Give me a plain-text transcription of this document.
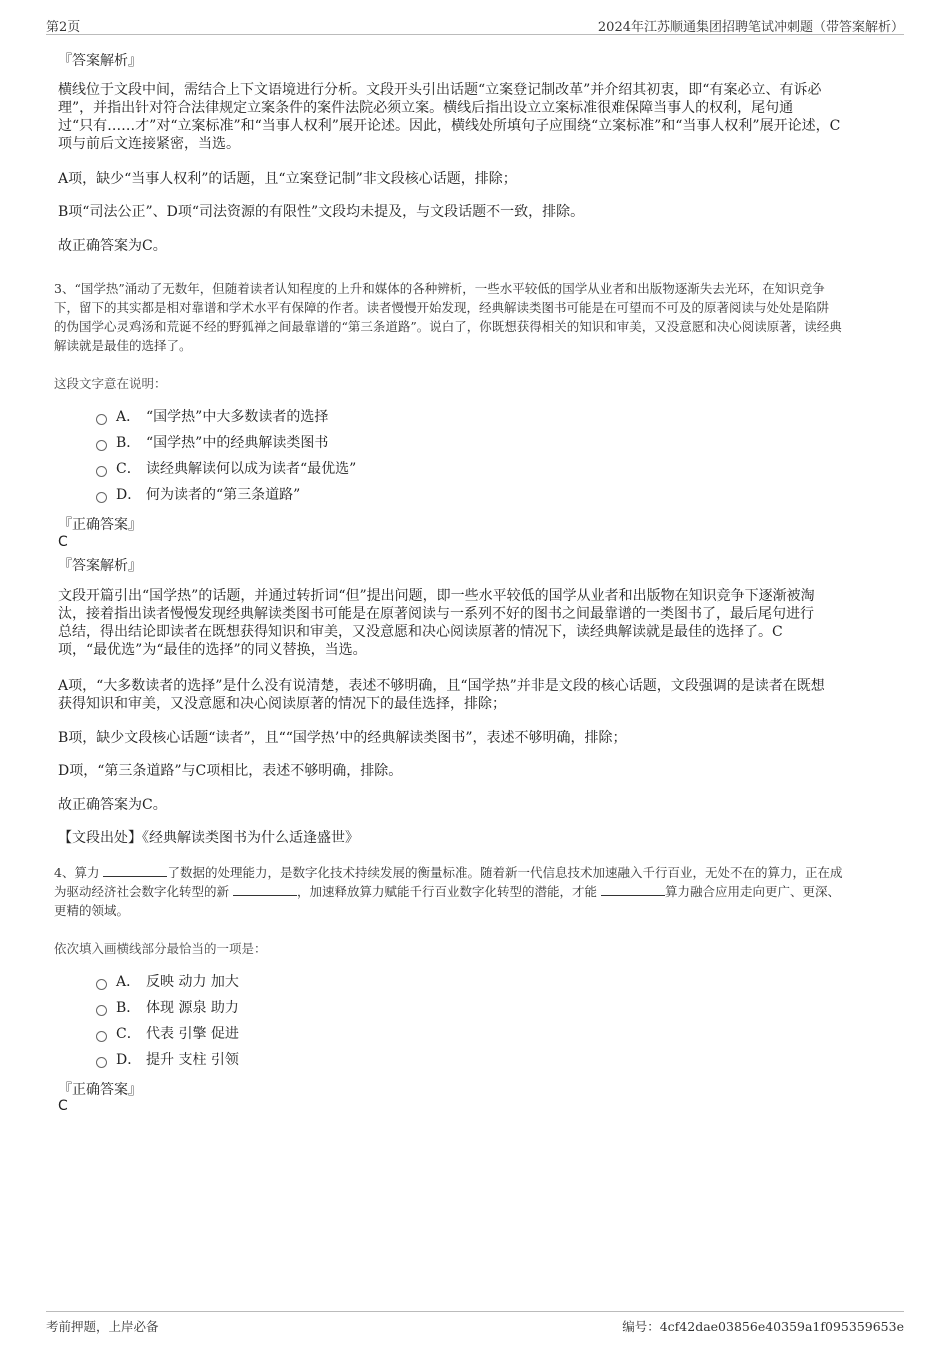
第2页	2024年江苏顺通集团招聘笔试冲刺题（带答案解析）
『答案解析』
横线位于文段中间，需结合上下文语境进行分析。文段开头引出话题“立案登记制改革”并介绍其初衷，即“有案必立、有诉必
理”，并指出针对符合法律规定立案条件的案件法院必须立案。横线后指出设立立案标准很难保障当事人的权利，尾句通
过“只有……才”对“立案标准”和“当事人权利”展开论述。因此，横线处所填句子应围绕“立案标准”和“当事人权利”展开论述，C
项与前后文连接紧密，当选。
A项，缺少“当事人权利”的话题，且“立案登记制”非文段核心话题，排除；
B项“司法公正”、D项“司法资源的有限性”文段均未提及，与文段话题不一致，排除。
故正确答案为C。
3、“国学热”涌动了无数年，但随着读者认知程度的上升和媒体的各种辨析，一些水平较低的国学从业者和出版物逐渐失去光环，在知识竞争
下，留下的其实都是相对靠谱和学术水平有保障的作者。读者慢慢开始发现，经典解读类图书可能是在可望而不可及的原著阅读与处处是陷阱
的伪国学心灵鸡汤和荒诞不经的野狐禅之间最靠谱的“第三条道路”。说白了，你既想获得相关的知识和审美，又没意愿和决心阅读原著，读经典
解读就是最佳的选择了。
这段文字意在说明：
A． “国学热”中大多数读者的选择
B． “国学热”中的经典解读类图书
C． 读经典解读何以成为读者“最优选”
D． 何为读者的“第三条道路”
『正确答案』
C
『答案解析』
文段开篇引出“国学热”的话题，并通过转折词“但”提出问题，即一些水平较低的国学从业者和出版物在知识竞争下逐渐被淘
汰，接着指出读者慢慢发现经典解读类图书可能是在原著阅读与一系列不好的图书之间最靠谱的一类图书了，最后尾句进行
总结，得出结论即读者在既想获得知识和审美，又没意愿和决心阅读原著的情况下，读经典解读就是最佳的选择了。C
项，“最优选”为“最佳的选择”的同义替换，当选。
A项，“大多数读者的选择”是什么没有说清楚，表述不够明确，且“国学热”并非是文段的核心话题，文段强调的是读者在既想
获得知识和审美，又没意愿和决心阅读原著的情况下的最佳选择，排除；
B项，缺少文段核心话题“读者”，且““国学热’中的经典解读类图书”，表述不够明确，排除；
D项，“第三条道路”与C项相比，表述不够明确，排除。
故正确答案为C。
【文段出处】《经典解读类图书为什么适逢盛世》
4、算力	了数据的处理能力，是数字化技术持续发展的衡量标准。随着新一代信息技术加速融入千行百业，无处不在的算力，正在成
为驱动经济社会数字化转型的新	，加速释放算力赋能千行百业数字化转型的潜能，才能	算力融合应用走向更广、更深、
更精的领域。
依次填入画横线部分最恰当的一项是：
A． 反映 动力 加大
B． 体现 源泉 助力
C． 代表 引擎 促进
D． 提升 支柱 引领
『正确答案』
C
考前押题，上岸必备	编号：4cf42dae03856e40359a1f095359653e
